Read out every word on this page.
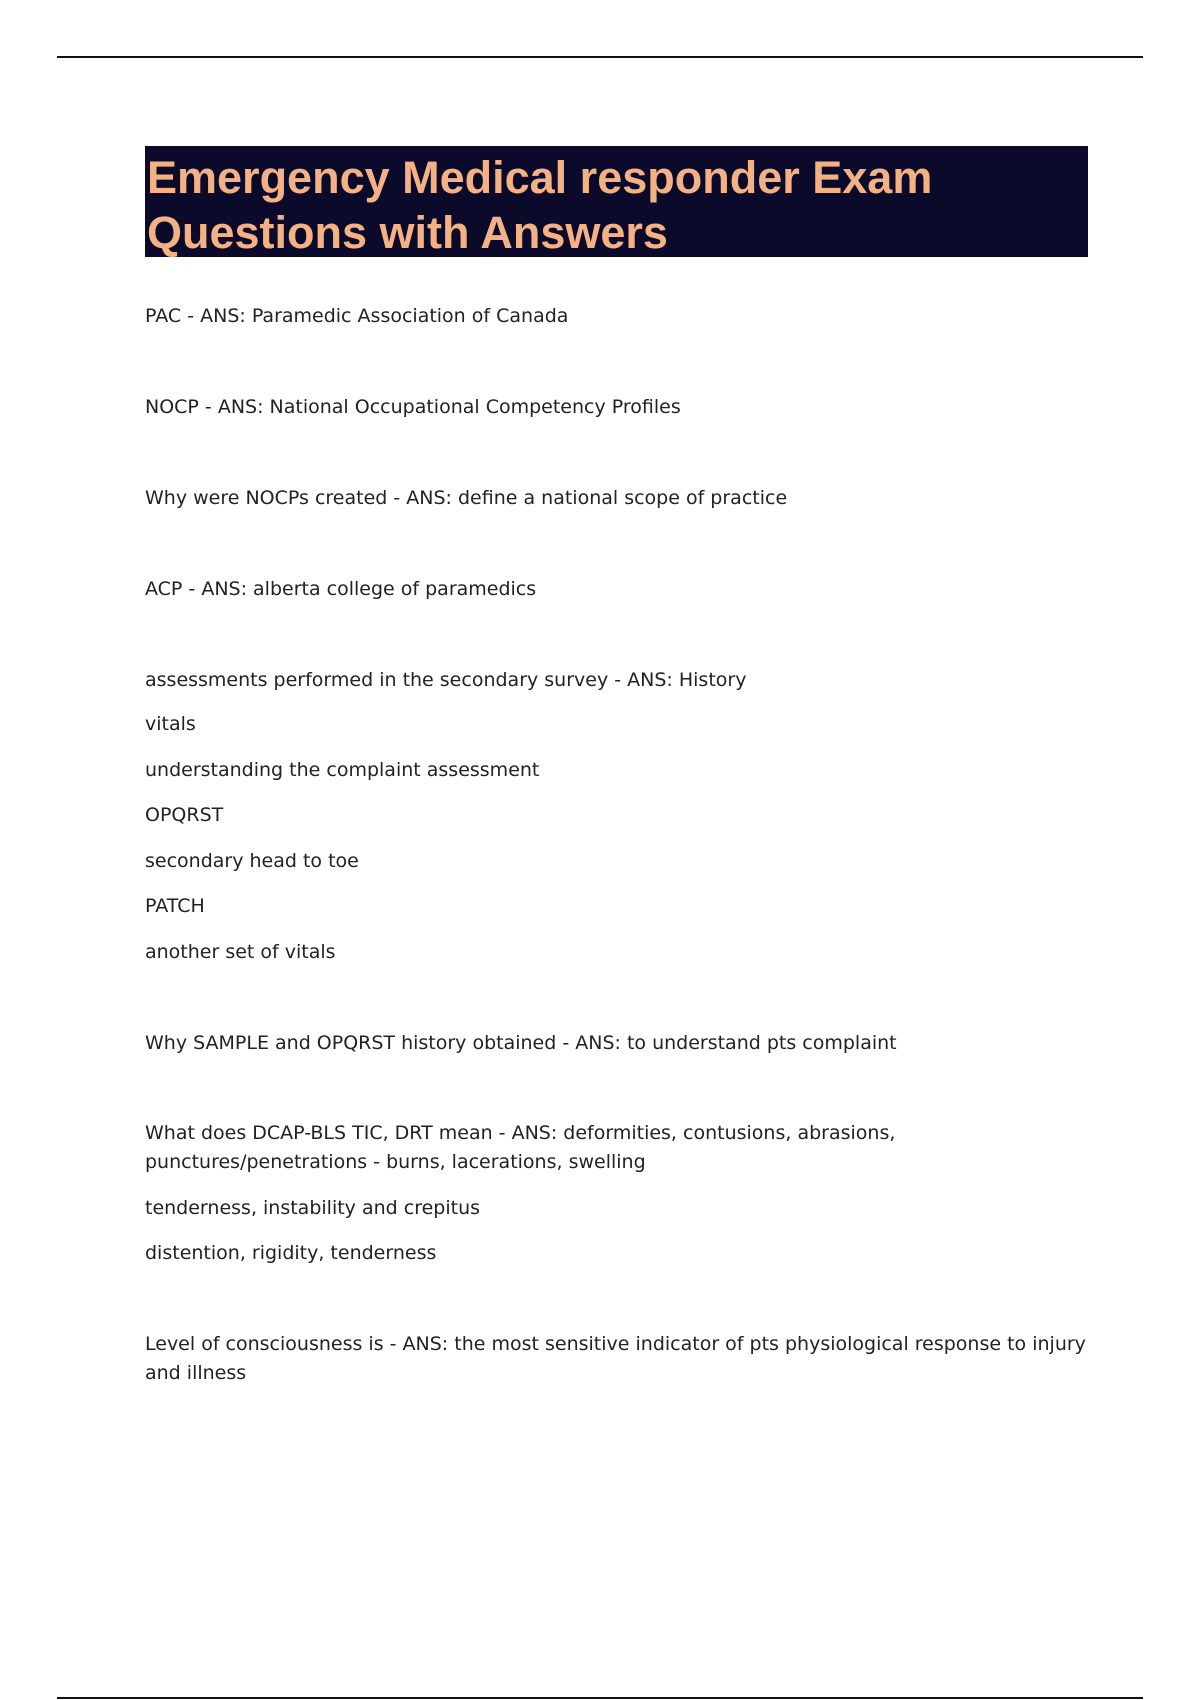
Emergency Medical responder Exam Questions with Answers

PAC - ANS: Paramedic Association of Canada

NOCP - ANS: National Occupational Competency Profiles

Why were NOCPs created - ANS: define a national scope of practice

ACP - ANS: alberta college of paramedics

assessments performed in the secondary survey - ANS: History

vitals

understanding the complaint assessment

OPQRST

secondary head to toe

PATCH

another set of vitals

Why SAMPLE and OPQRST history obtained - ANS: to understand pts complaint

What does DCAP-BLS TIC, DRT mean - ANS: deformities, contusions, abrasions, punctures/penetrations - burns, lacerations, swelling

tenderness, instability and crepitus

distention, rigidity, tenderness

Level of consciousness is - ANS: the most sensitive indicator of pts physiological response to injury and illness
